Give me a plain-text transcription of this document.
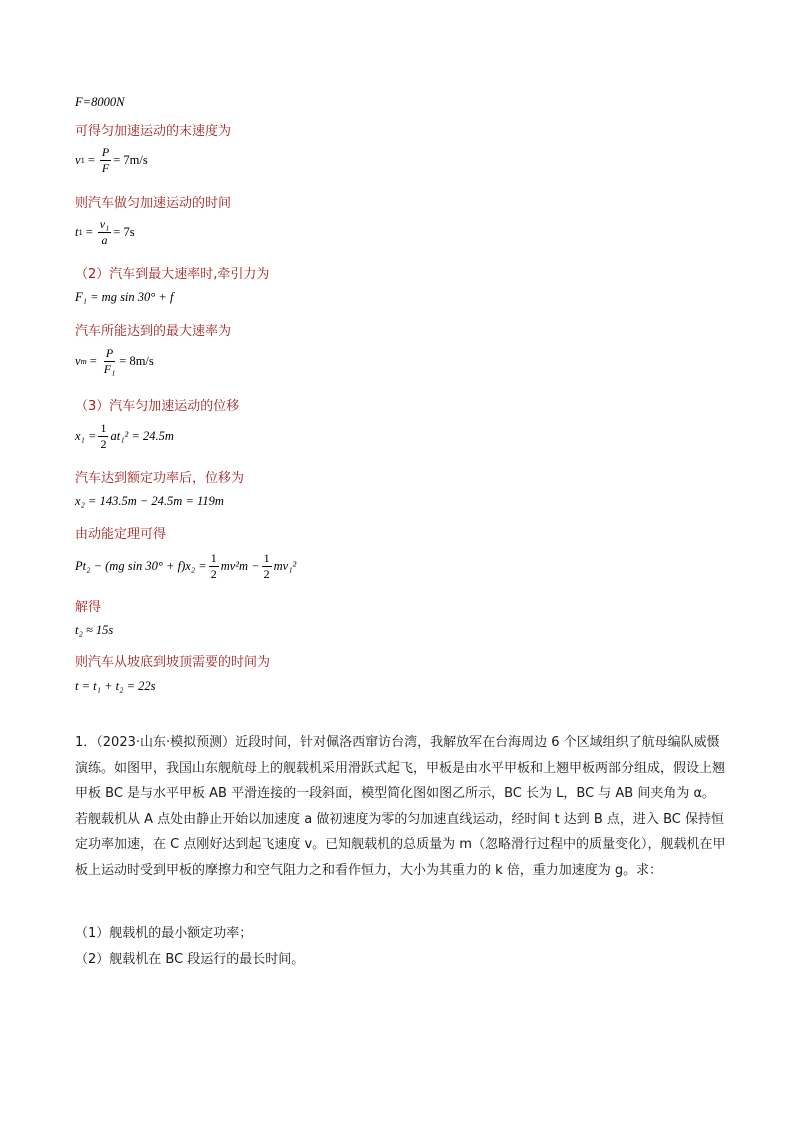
F=8000N
可得匀加速运动的末速度为
v $1 = \frac{P}{F} = 7m/s$
则汽车做匀加速运动的时间
t $1 = \frac{\text{v₁}}{a} = 7s$
（2）汽车到最大速率时,牵引力为
F₁ = mg sin 30° + f
汽车所能达到的最大速率为
v $m = \frac{P}{\text{F₁}} = 8m/s$
（3）汽车匀加速运动的位移
$x_1 = \frac{1}{2} at_1^2 = 24.5m$
汽车达到额定功率后，位移为
x₂ = 143.5m − 24.5m = 119m
由动能定理可得
Pt₂ − (mg $\sin 30^\circ + f)x_2 = \frac{1}{2} mv^2m - \frac{1}{2} mv_1^2$
解得
t₂ ≈ 15s
则汽车从坡底到坡顶需要的时间为
t = t₁ + t₂ = 22s
1．（2023·山东·模拟预测）近段时间，针对佩洛西窜访台湾，我解放军在台海周边 6 个区域组织了航母编队威慑演练。如图甲，我国山东舰航母上的舰载机采用滑跃式起飞，甲板是由水平甲板和上翘甲板两部分组成，假设上翘甲板 BC 是与水平甲板 AB 平滑连接的一段斜面，模型简化图如图乙所示，BC 长为 L，BC 与 AB 间夹角为 α。若舰载机从 A 点处由静止开始以加速度 a 做初速度为零的匀加速直线运动，经时间 t 达到 B 点，进入 BC 保持恒定功率加速，在 C 点刚好达到起飞速度 v。已知舰载机的总质量为 m（忽略滑行过程中的质量变化），舰载机在甲板上运动时受到甲板的摩擦力和空气阻力之和看作恒力，大小为其重力的 k 倍，重力加速度为 g。求：
（1）舰载机的最小额定功率；
（2）舰载机在 BC 段运行的最长时间。
